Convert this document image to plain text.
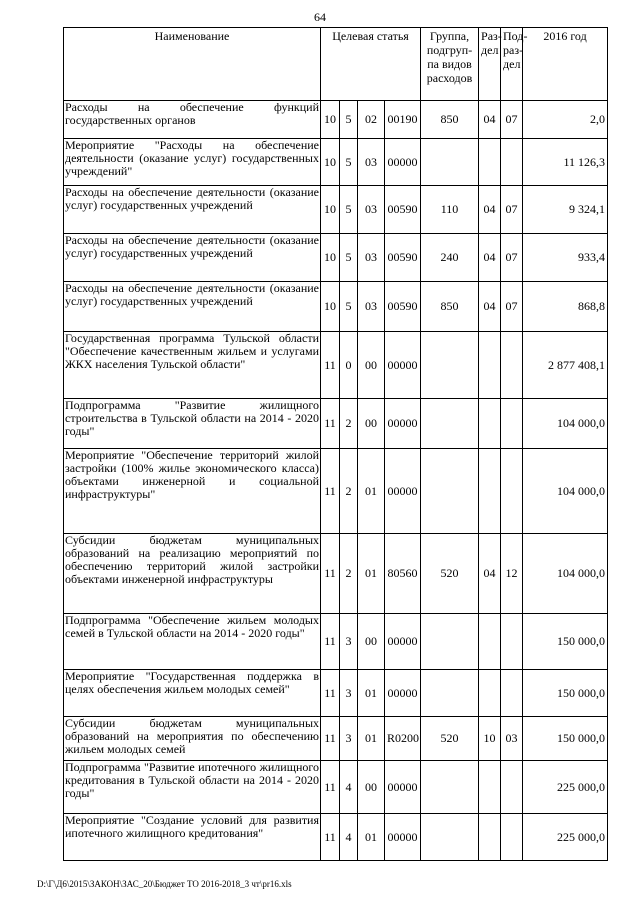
64
Наименование	Целевая статья				Группа, подгруп-па видов расходов	Раз-дел	Под-раз-дел	2016 год
Расходы на обеспечение функций государственных органов	10	5	02	00190	850	04	07	2,0
Мероприятие "Расходы на обеспечение деятельности (оказание услуг) государственных учреждений"	10	5	03	00000				11 126,3
Расходы на обеспечение деятельности (оказание услуг) государственных учреждений	10	5	03	00590	110	04	07	9 324,1
Расходы на обеспечение деятельности (оказание услуг) государственных учреждений	10	5	03	00590	240	04	07	933,4
Расходы на обеспечение деятельности (оказание услуг) государственных учреждений	10	5	03	00590	850	04	07	868,8
Государственная программа Тульской области "Обеспечение качественным жильем и услугами ЖКХ населения Тульской области"	11	0	00	00000				2 877 408,1
Подпрограмма "Развитие жилищного строительства в Тульской области на 2014 - 2020 годы"	11	2	00	00000				104 000,0
Мероприятие "Обеспечение территорий жилой застройки (100% жилье экономического класса) объектами инженерной и социальной инфраструктуры"	11	2	01	00000				104 000,0
Субсидии бюджетам муниципальных образований на реализацию мероприятий по обеспечению территорий жилой застройки объектами инженерной инфраструктуры	11	2	01	80560	520	04	12	104 000,0
Подпрограмма "Обеспечение жильем молодых семей в Тульской области на 2014 - 2020 годы"	11	3	00	00000				150 000,0
Мероприятие "Государственная поддержка в целях обеспечения жильем молодых семей"	11	3	01	00000				150 000,0
Субсидии бюджетам муниципальных образований на мероприятия по обеспечению жильем молодых семей	11	3	01	R0200	520	10	03	150 000,0
Подпрограмма "Развитие ипотечного жилищного кредитования в Тульской области на 2014 - 2020 годы"	11	4	00	00000				225 000,0
Мероприятие "Создание условий для развития ипотечного жилищного кредитования"	11	4	01	00000				225 000,0
D:\Г\Д6\2015\ЗАКОН\ЗАС_20\Бюджет ТО 2016-2018_3 чт\pr16.xls
